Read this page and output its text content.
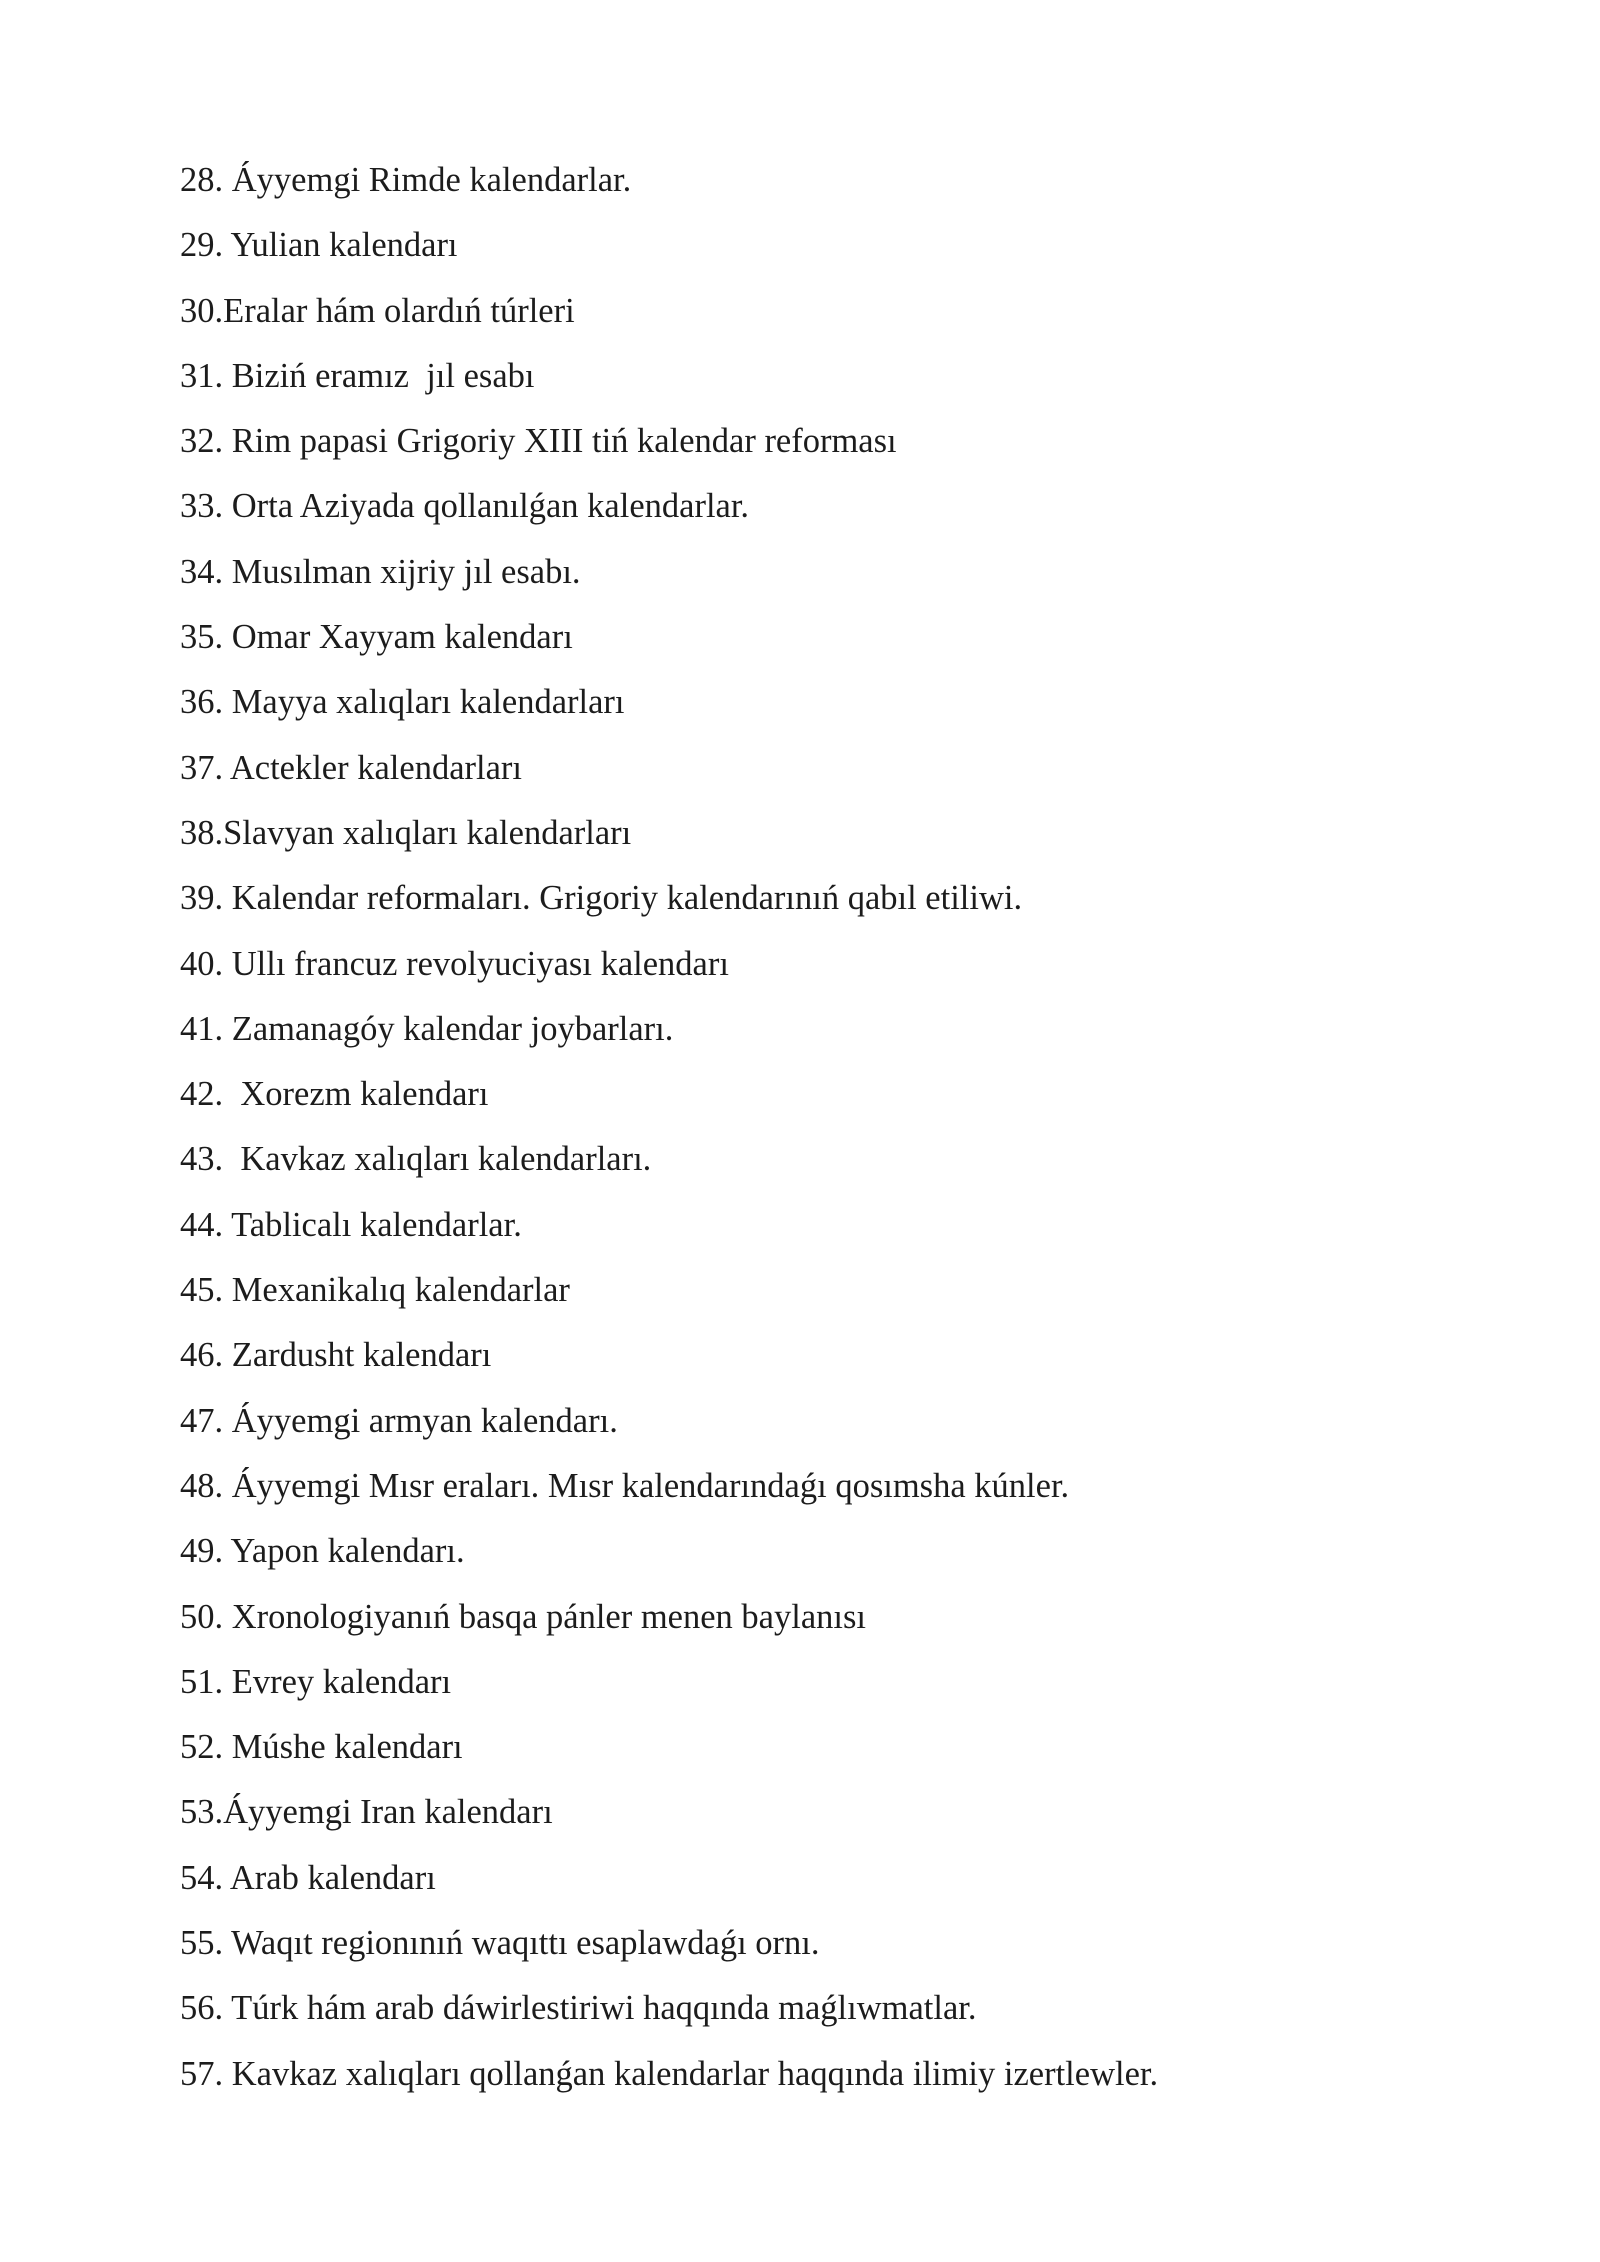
28. Áyyemgi Rimde kalendarlar.
29. Yulian kalendarı
30.Eralar hám olardıń túrleri
31. Biziń eramız  jıl esabı
32. Rim papasi Grigoriy XIII tiń kalendar reforması
33. Orta Aziyada qollanılǵan kalendarlar.
34. Musılman xijriy jıl esabı.
35. Omar Xayyam kalendarı
36. Mayya xalıqları kalendarları
37. Actekler kalendarları
38.Slavyan xalıqları kalendarları
39. Kalendar reformaları. Grigoriy kalendarınıń qabıl etiliwi.
40. Ullı francuz revolyuciyası kalendarı
41. Zamanagóy kalendar joybarları.
42.  Xorezm kalendarı
43.  Kavkaz xalıqları kalendarları.
44. Tablicalı kalendarlar.
45. Mexanikalıq kalendarlar
46. Zardusht kalendarı
47. Áyyemgi armyan kalendarı.
48. Áyyemgi Mısr eraları. Mısr kalendarındaǵı qosımsha kúnler.
49. Yapon kalendarı.
50. Xronologiyanıń basqa pánler menen baylanısı
51. Evrey kalendarı
52. Múshe kalendarı
53.Áyyemgi Iran kalendarı
54. Arab kalendarı
55. Waqıt regionınıń waqıttı esaplawdaǵı ornı.
56. Túrk hám arab dáwirlestiriwi haqqında maǵlıwmatlar.
57. Kavkaz xalıqları qollanǵan kalendarlar haqqında ilimiy izertlewler.
